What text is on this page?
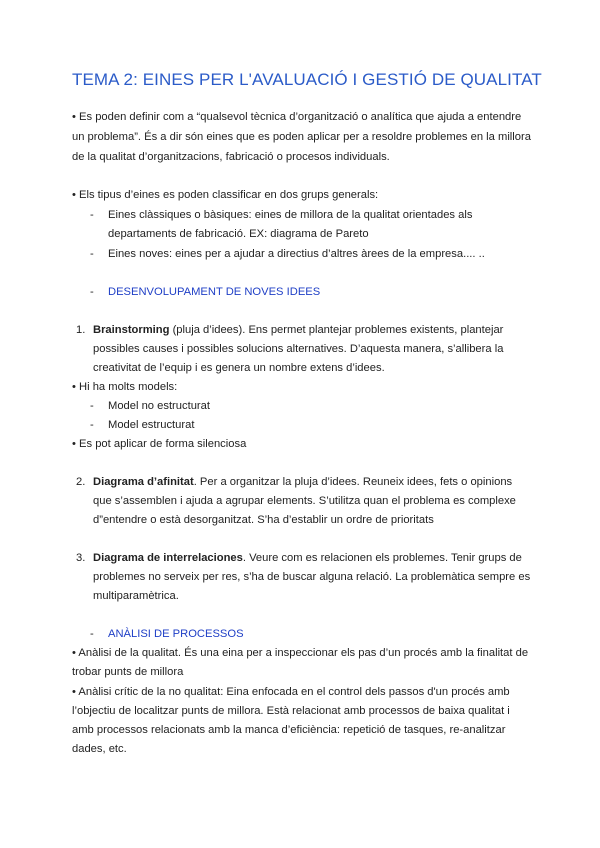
TEMA 2: EINES PER L'AVALUACIÓ I GESTIÓ DE QUALITAT
• Es poden definir com a “qualsevol tècnica d’organització o analítica que ajuda a entendre
un problema”. És a dir són eines que es poden aplicar per a resoldre problemes en la millora
de la qualitat d’organitzacions, fabricació o procesos individuals.
• Els tipus d’eines es poden classificar en dos grups generals:
- Eines clàssiques o bàsiques: eines de millora de la qualitat orientades als
departaments de fabricació. EX: diagrama de Pareto
- Eines noves: eines per a ajudar a directius d’altres àrees de la empresa.... ..
- DESENVOLUPAMENT DE NOVES IDEES
1. Brainstorming (pluja d’idees). Ens permet plantejar problemes existents, plantejar
possibles causes i possibles solucions alternatives. D’aquesta manera, s’allibera la
creativitat de l’equip i es genera un nombre extens d’idees.
• Hi ha molts models:
- Model no estructurat
- Model estructurat
• Es pot aplicar de forma silenciosa
2. Diagrama d’afinitat. Per a organitzar la pluja d’idees. Reuneix idees, fets o opinions
que s’assemblen i ajuda a agrupar elements. S’utilitza quan el problema es complexe
d”entendre o està desorganitzat. S’ha d’establir un ordre de prioritats
3. Diagrama de interrelaciones. Veure com es relacionen els problemes. Tenir grups de
problemes no serveix per res, s’ha de buscar alguna relació. La problemàtica sempre es
multiparamètrica.
- ANÀLISI DE PROCESSOS
• Anàlisi de la qualitat. És una eina per a inspeccionar els pas d’un procés amb la finalitat de
trobar punts de millora
• Anàlisi crític de la no qualitat: Eina enfocada en el control dels passos d'un procés amb
l’objectiu de localitzar punts de millora. Està relacionat amb processos de baixa qualitat i
amb processos relacionats amb la manca d’eficiència: repetició de tasques, re-analitzar
dades, etc.
